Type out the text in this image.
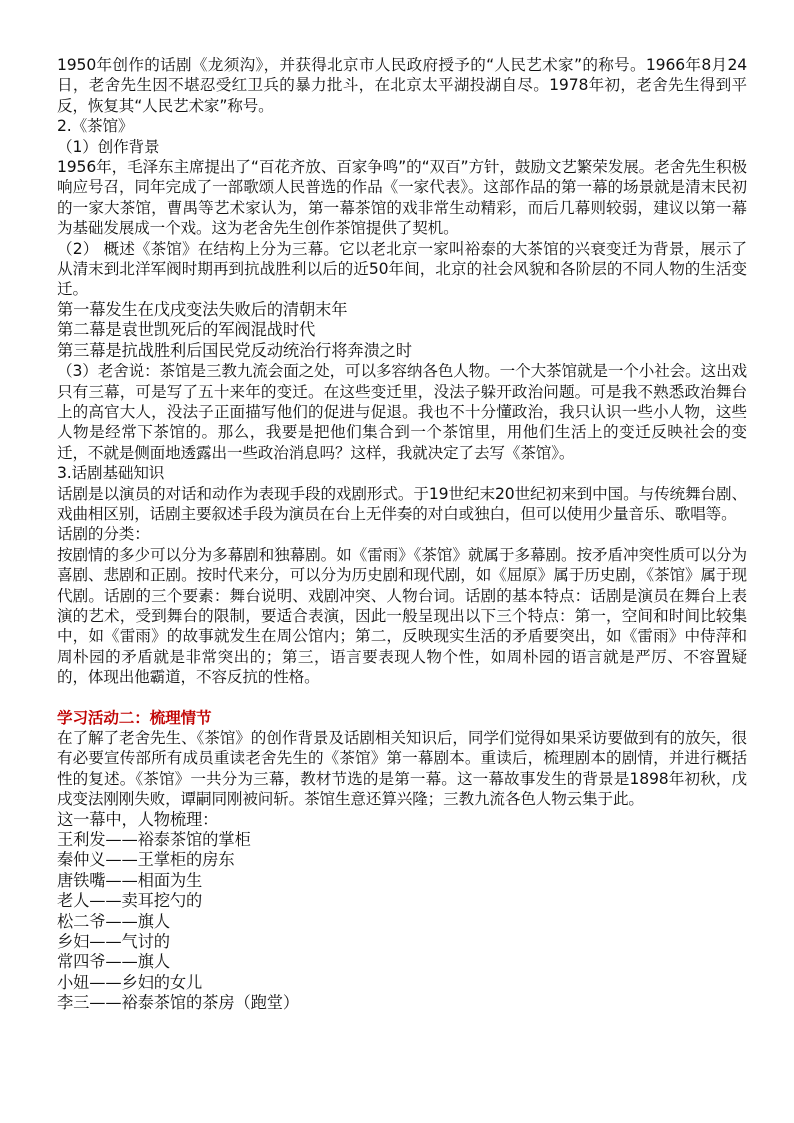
1950年创作的话剧《龙须沟》，并获得北京市人民政府授予的“人民艺术家”的称号。1966年8月24日，老舍先生因不堪忍受红卫兵的暴力批斗，在北京太平湖投湖自尽。1978年初，老舍先生得到平反，恢复其“人民艺术家”称号。

2.《茶馆》

（1）创作背景

1956年，毛泽东主席提出了“百花齐放、百家争鸣”的“双百”方针，鼓励文艺繁荣发展。老舍先生积极响应号召，同年完成了一部歌颂人民普选的作品《一家代表》。这部作品的第一幕的场景就是清末民初的一家大茶馆，曹禺等艺术家认为，第一幕茶馆的戏非常生动精彩，而后几幕则较弱，建议以第一幕为基础发展成一个戏。这为老舍先生创作茶馆提供了契机。

（2） 概述《茶馆》在结构上分为三幕。它以老北京一家叫裕泰的大茶馆的兴衰变迁为背景，展示了从清末到北洋军阀时期再到抗战胜利以后的近50年间，北京的社会风貌和各阶层的不同人物的生活变迁。

第一幕发生在戊戌变法失败后的清朝末年

第二幕是袁世凯死后的军阀混战时代

第三幕是抗战胜利后国民党反动统治行将奔溃之时

（3）老舍说：茶馆是三教九流会面之处，可以多容纳各色人物。一个大茶馆就是一个小社会。这出戏只有三幕，可是写了五十来年的变迁。在这些变迁里，没法子躲开政治问题。可是我不熟悉政治舞台上的高官大人，没法子正面描写他们的促进与促退。我也不十分懂政治，我只认识一些小人物，这些人物是经常下茶馆的。那么，我要是把他们集合到一个茶馆里，用他们生活上的变迁反映社会的变迁，不就是侧面地透露出一些政治消息吗？这样，我就决定了去写《茶馆》。

3.话剧基础知识

话剧是以演员的对话和动作为表现手段的戏剧形式。于19世纪末20世纪初来到中国。与传统舞台剧、戏曲相区别，话剧主要叙述手段为演员在台上无伴奏的对白或独白，但可以使用少量音乐、歌唱等。

话剧的分类：

按剧情的多少可以分为多幕剧和独幕剧。如《雷雨》《茶馆》就属于多幕剧。按矛盾冲突性质可以分为喜剧、悲剧和正剧。按时代来分，可以分为历史剧和现代剧，如《屈原》属于历史剧，《茶馆》属于现代剧。话剧的三个要素：舞台说明、戏剧冲突、人物台词。话剧的基本特点：话剧是演员在舞台上表演的艺术，受到舞台的限制，要适合表演，因此一般呈现出以下三个特点：第一，空间和时间比较集中，如《雷雨》的故事就发生在周公馆内；第二，反映现实生活的矛盾要突出，如《雷雨》中侍萍和周朴园的矛盾就是非常突出的；第三，语言要表现人物个性，如周朴园的语言就是严厉、不容置疑的，体现出他霸道，不容反抗的性格。

学习活动二：梳理情节

在了解了老舍先生、《茶馆》的创作背景及话剧相关知识后，同学们觉得如果采访要做到有的放矢，很有必要宣传部所有成员重读老舍先生的《茶馆》第一幕剧本。重读后，梳理剧本的剧情，并进行概括性的复述。《茶馆》一共分为三幕，教材节选的是第一幕。这一幕故事发生的背景是1898年初秋，戊戌变法刚刚失败，谭嗣同刚被问斩。茶馆生意还算兴隆；三教九流各色人物云集于此。

这一幕中，人物梳理：

王利发——裕泰茶馆的掌柜

秦仲义——王掌柜的房东

唐铁嘴——相面为生

老人——卖耳挖勺的

松二爷——旗人

乡妇——气讨的

常四爷——旗人

小妞——乡妇的女儿

李三——裕泰茶馆的茶房（跑堂）
